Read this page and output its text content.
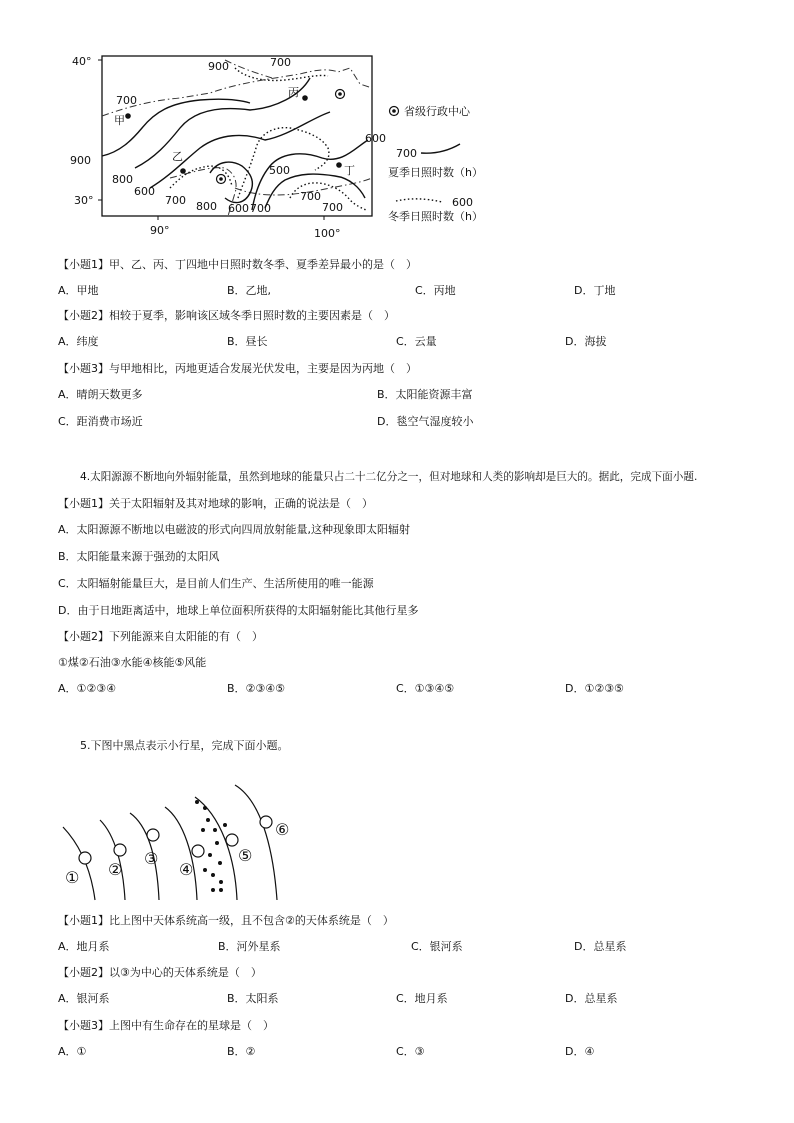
40°
30°
90°	100°
900	700
700
900
800
600
700 800 600 700
500
700
700
600
甲
乙
丙
丁
省级行政中心
700
夏季日照时数（h）
600
冬季日照时数（h）
【小题1】甲、乙、丙、丁四地中日照时数冬季、夏季差异最小的是（　）
A．甲地	B．乙地,	C．丙地	D．丁地
【小题2】相较于夏季，影响该区域冬季日照时数的主要因素是（　）
A．纬度	B．昼长	C．云量	D．海拔
【小题3】与甲地相比，丙地更适合发展光伏发电，主要是因为丙地（　）
A．晴朗天数更多	B．太阳能资源丰富
C．距消费市场近	D．毯空气湿度较小
4.太阳源源不断地向外辐射能量，虽然到地球的能量只占二十二亿分之一，但对地球和人类的影响却是巨大的。据此，完成下面小题.
【小题1】关于太阳辐射及其对地球的影响，正确的说法是（　）
A．太阳源源不断地以电磁波的形式向四周放射能量,这种现象即太阳辐射
B．太阳能量来源于强劲的太阳风
C．太阳辐射能量巨大，是目前人们生产、生活所使用的唯一能源
D．由于日地距离适中，地球上单位面积所获得的太阳辐射能比其他行星多
【小题2】下列能源来自太阳能的有（　）
①煤②石油③水能④核能⑤风能
A．①②③④	B．②③④⑤	C．①③④⑤	D．①②③⑤
5.下图中黑点表示小行星，完成下面小题。
① ②
③
④
⑤
⑥
【小题1】比上图中天体系统高一级，且不包含②的天体系统是（　）
A．地月系	B．河外星系	C．银河系	D．总星系
【小题2】以③为中心的天体系统是（　）
A．银河系	B．太阳系	C．地月系	D．总星系
【小题3】上图中有生命存在的星球是（　）
A．①	B．②	C．③	D．④
